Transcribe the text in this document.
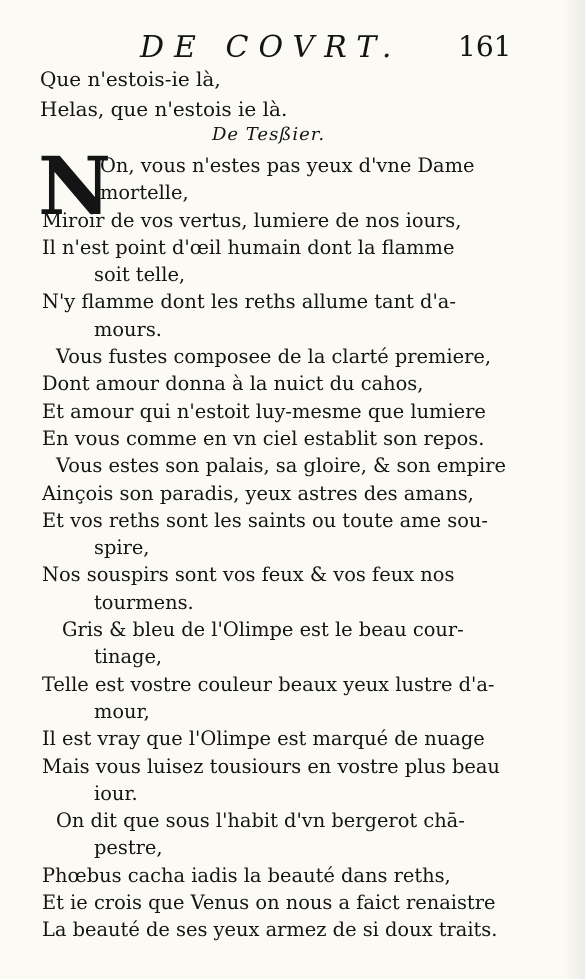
DE COVRT. 161
Que n'estois-ie là,
Helas, que n'estois ie là.
De Tesßier.
N
On, vous n'estes pas yeux d'vne Dame
mortelle,
Miroir de vos vertus, lumiere de nos iours,
Il n'est point d'œil humain dont la flamme
soit telle,
N'y flamme dont les reths allume tant d'a-
mours.
Vous fustes composee de la clarté premiere,
Dont amour donna à la nuict du cahos,
Et amour qui n'estoit luy-mesme que lumiere
En vous comme en vn ciel establit son repos.
Vous estes son palais, sa gloire, & son empire
Ainçois son paradis, yeux astres des amans,
Et vos reths sont les saints ou toute ame sou-
spire,
Nos souspirs sont vos feux & vos feux nos
tourmens.
Gris & bleu de l'Olimpe est le beau cour-
tinage,
Telle est vostre couleur beaux yeux lustre d'a-
mour,
Il est vray que l'Olimpe est marqué de nuage
Mais vous luisez tousiours en vostre plus beau
iour.
On dit que sous l'habit d'vn bergerot chā-
pestre,
Phœbus cacha iadis la beauté dans reths,
Et ie crois que Venus on nous a faict renaistre
La beauté de ses yeux armez de si doux traits.
